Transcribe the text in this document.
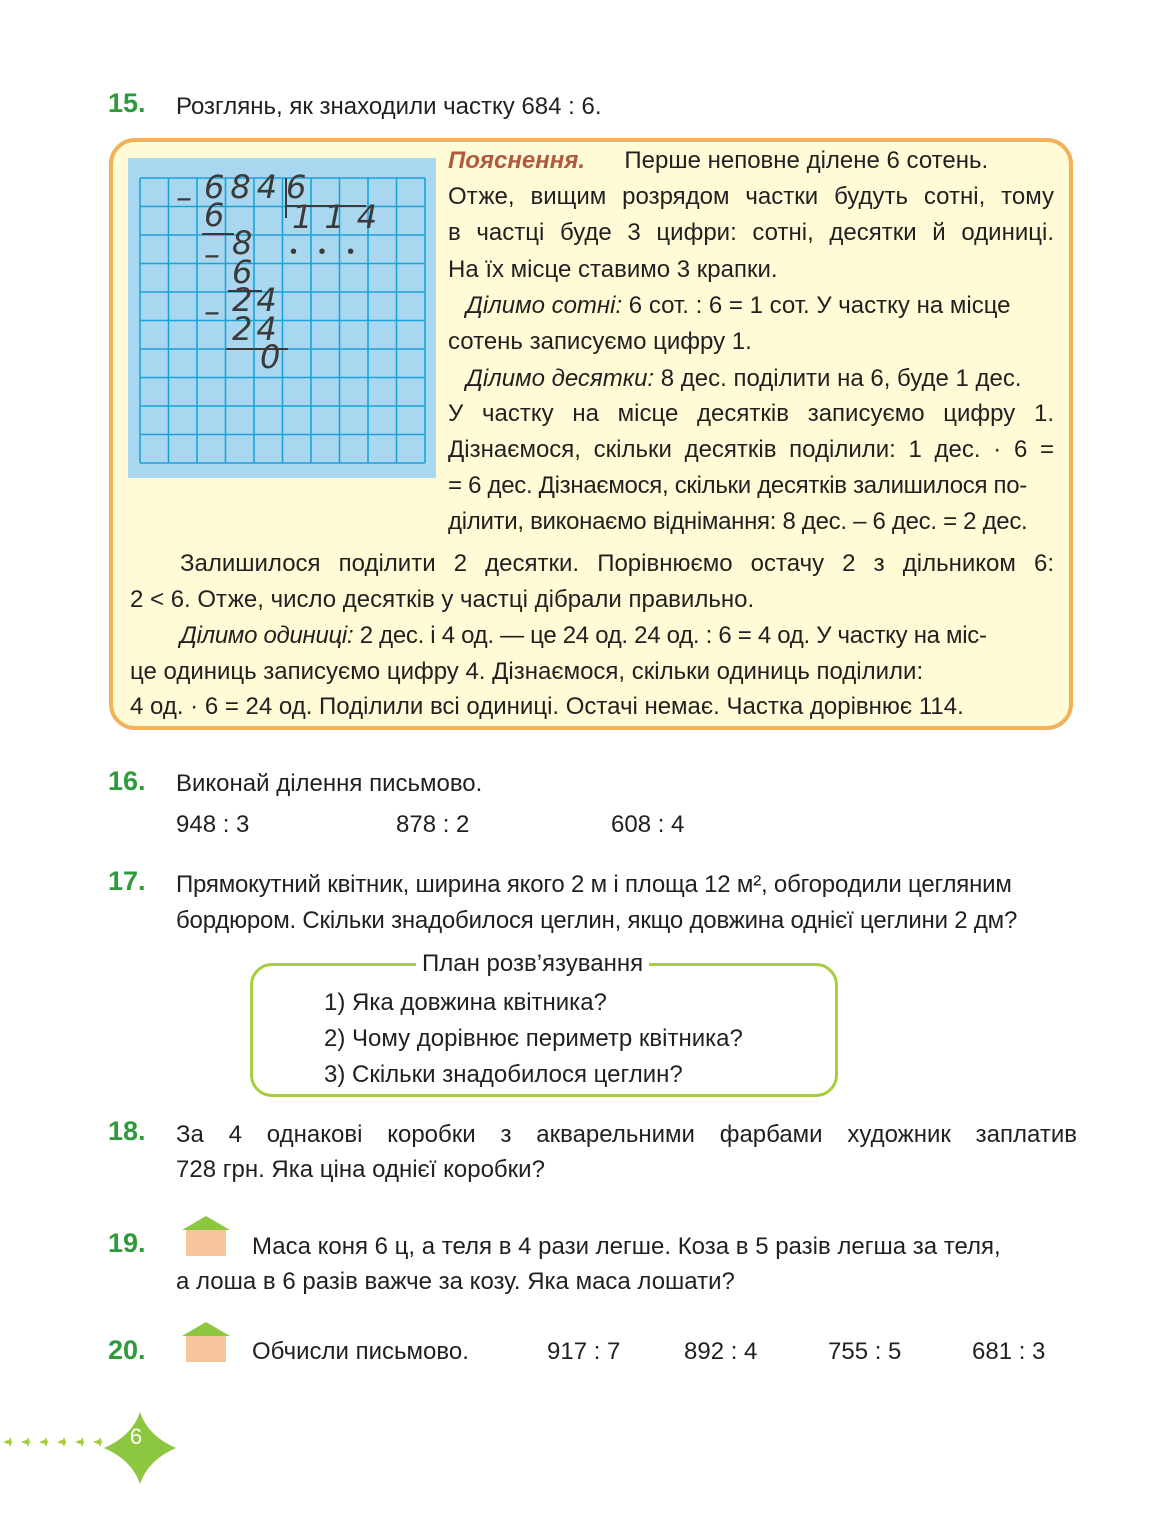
15. Розглянь, як знаходили частку 684 : 6.
–
–
–
684 6
114
• • •
6
8
6
24
24
0
Пояснення. Перше неповне ділене 6 сотень.
Отже, вищим розрядом частки будуть сотні, тому
в частці буде 3 цифри: сотні, десятки й одиниці.
На їх місце ставимо 3 крапки.
Ділимо сотні: 6 сот. : 6 = 1 сот. У частку на місце
сотень записуємо цифру 1.
Ділимо десятки: 8 дес. поділити на 6, буде 1 дес.
У частку на місце десятків записуємо цифру 1.
Дізнаємося, скільки десятків поділили: 1 дес. · 6 =
= 6 дес. Дізнаємося, скільки десятків залишилося по-
ділити, виконаємо віднімання: 8 дес. – 6 дес. = 2 дес.
Залишилося поділити 2 десятки. Порівнюємо остачу 2 з дільником 6:
2 < 6. Отже, число десятків у частці дібрали правильно.
Ділимо одиниці: 2 дес. і 4 од. — це 24 од. 24 од. : 6 = 4 од. У частку на міс-
це одиниць записуємо цифру 4. Дізнаємося, скільки одиниць поділили:
4 од. · 6 = 24 од. Поділили всі одиниці. Остачі немає. Частка дорівнює 114.
16. Виконай ділення письмово.
948 : 3	878 : 2	608 : 4
17. Прямокутний квітник, ширина якого 2 м і площа 12 м², обгородили цегляним
бордюром. Скільки знадобилося цеглин, якщо довжина однієї цеглини 2 дм?
План розв’язування
1) Яка довжина квітника?
2) Чому дорівнює периметр квітника?
3) Скільки знадобилося цеглин?
18. За 4 однакові коробки з акварельними фарбами художник заплатив
728 грн. Яка ціна однієї коробки?
19.	Маса коня 6 ц, а теля в 4 рази легше. Коза в 5 разів легша за теля,
а лоша в 6 разів важче за козу. Яка маса лошати?
20.	Обчисли письмово.	917 : 7	892 : 4	755 : 5	681 : 3
6
